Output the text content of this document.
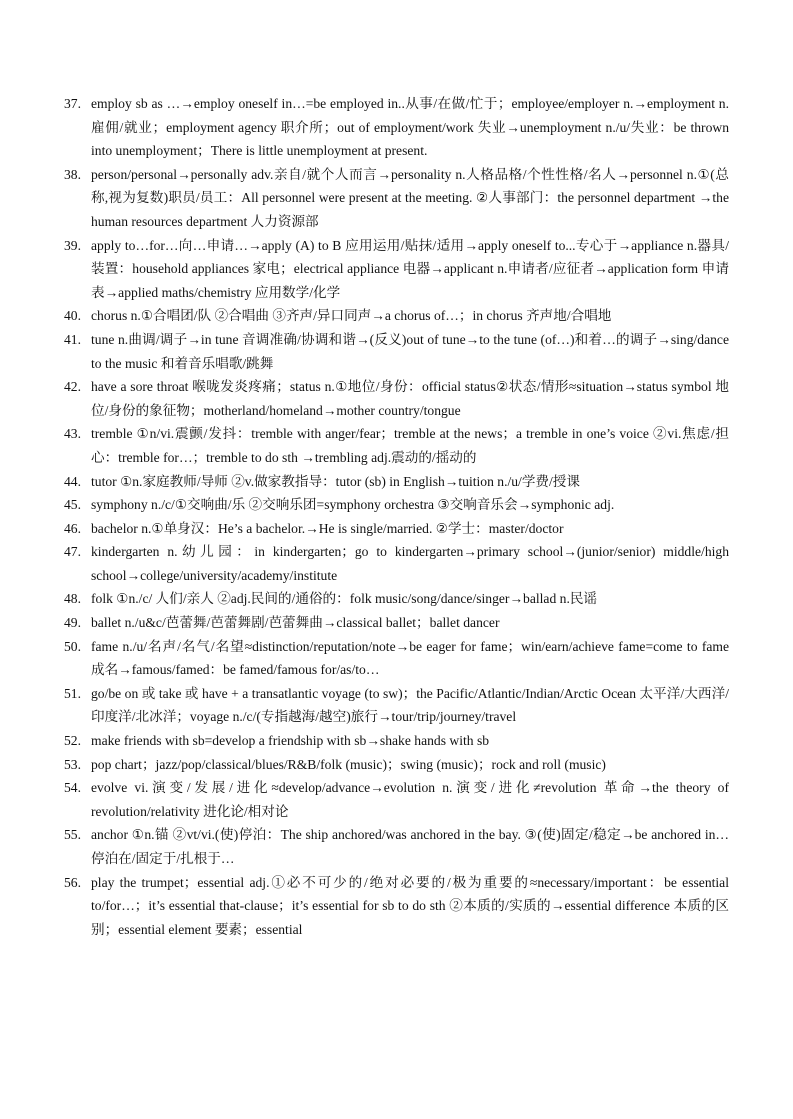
37. employ sb as …→employ oneself in…=be employed in..从事/在做/忙于；employee/employer n.→employment n.雇佣/就业；employment agency 职介所；out of employment/work 失业→unemployment n./u/失业：be thrown into unemployment；There is little unemployment at present.
38. person/personal→personally adv.亲自/就个人而言→personality n.人格品格/个性性格/名人→personnel n.①(总称,视为复数)职员/员工：All personnel were present at the meeting. ②人事部门：the personnel department →the human resources department 人力资源部
39. apply to…for…向…申请…→apply (A) to B 应用运用/贴抹/适用→apply oneself to...专心于→appliance n.器具/装置：household appliances 家电；electrical appliance 电器→applicant n.申请者/应征者→application form 申请表→applied maths/chemistry 应用数学/化学
40. chorus n.①合唱团/队 ②合唱曲 ③齐声/异口同声→a chorus of…；in chorus 齐声地/合唱地
41. tune n.曲调/调子→in tune 音调准确/协调和谐→(反义)out of tune→to the tune (of…)和着…的调子→sing/dance to the music 和着音乐唱歌/跳舞
42. have a sore throat 喉咙发炎疼痛；status n.①地位/身份：official status②状态/情形≈situation→status symbol 地位/身份的象征物；motherland/homeland→mother country/tongue
43. tremble ①n/vi.震颤/发抖：tremble with anger/fear；tremble at the news；a tremble in one’s voice ②vi.焦虑/担心：tremble for…；tremble to do sth →trembling adj.震动的/摇动的
44. tutor ①n.家庭教师/导师 ②v.做家教指导：tutor (sb) in English→tuition n./u/学费/授课
45. symphony n./c/①交响曲/乐 ②交响乐团=symphony orchestra ③交响音乐会→symphonic adj.
46. bachelor n.①单身汉：He’s a bachelor.→He is single/married. ②学士：master/doctor
47. kindergarten n.幼儿园：in kindergarten；go to kindergarten→primary school→(junior/senior) middle/high school→college/university/academy/institute
48. folk ①n./c/ 人们/亲人 ②adj.民间的/通俗的：folk music/song/dance/singer→ballad n.民谣
49. ballet n./u&c/芭蕾舞/芭蕾舞剧/芭蕾舞曲→classical ballet；ballet dancer
50. fame n./u/名声/名气/名望≈distinction/reputation/note→be eager for fame；win/earn/achieve fame=come to fame 成名→famous/famed：be famed/famous for/as/to…
51. go/be on 或 take 或 have + a transatlantic voyage (to sw)；the Pacific/Atlantic/Indian/Arctic Ocean 太平洋/大西洋/印度洋/北冰洋；voyage n./c/(专指越海/越空)旅行→tour/trip/journey/travel
52. make friends with sb=develop a friendship with sb→shake hands with sb
53. pop chart；jazz/pop/classical/blues/R&B/folk (music)；swing (music)；rock and roll (music)
54. evolve vi.演变/发展/进化≈develop/advance→evolution n.演变/进化≠revolution 革命→the theory of revolution/relativity 进化论/相对论
55. anchor ①n.锚 ②vt/vi.(使)停泊：The ship anchored/was anchored in the bay. ③(使)固定/稳定→be anchored in… 停泊在/固定于/扎根于…
56. play the trumpet；essential adj.①必不可少的/绝对必要的/极为重要的≈necessary/important：be essential to/for…；it’s essential that-clause；it’s essential for sb to do sth ②本质的/实质的→essential difference 本质的区别；essential element 要素；essential
